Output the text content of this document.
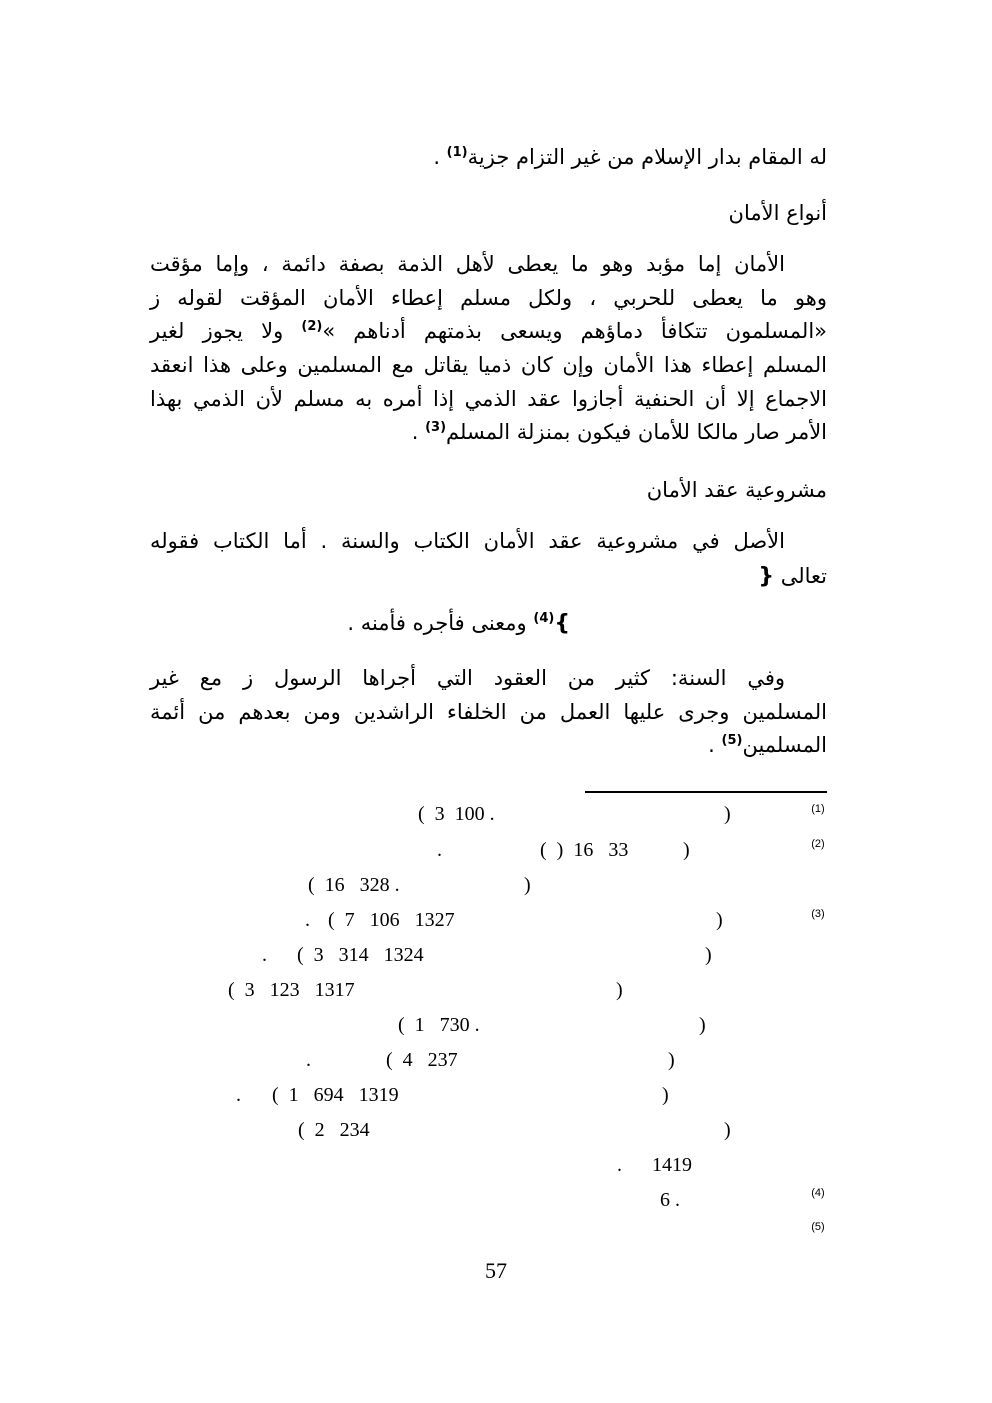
له المقام بدار الإسلام من غير التزام جزية$^{(1)}$ .
أنواع الأمان
الأمان إما مؤبد وهو ما يعطى لأهل الذمة بصفة دائمة ، وإما مؤقت
وهو ما يعطى للحربي ، ولكل مسلم إعطاء الأمان المؤقت لقوله ز
«المسلمون تتكافأ دماؤهم ويسعى بذمتهم أدناهم »$^{(2)}$ ولا يجوز لغير
المسلم إعطاء هذا الأمان وإن كان ذميا يقاتل مع المسلمين وعلى هذا انعقد
الاجماع إلا أن الحنفية أجازوا عقد الذمي إذا أمره به مسلم لأن الذمي بهذا
الأمر صار مالكا للأمان فيكون بمنزلة المسلم$^{(3)}$ .
مشروعية عقد الأمان
الأصل في مشروعية عقد الأمان الكتاب والسنة . أما الكتاب فقوله
تعالى {
}$^{(4)}$ ومعنى فأجره فأمنه .
وفي السنة: كثير من العقود التي أجراها الرسول ز مع غير
المسلمين وجرى عليها العمل من الخلفاء الراشدين ومن بعدهم من أئمة
المسلمين$^{(5)}$ .
(1)
(2)
(3)
(4)
(5)
)
(  3  100 .
)
(  )  16   33
.
)
(  16   328 .
)
(  7   106   1327
.
)
(  3   314   1324
.
)
(  3   123   1317
)
(  1   730 .
)
(  4   237
.
)
(  1   694   1319
.
)
(  2   234
1419
.
6 .
57
